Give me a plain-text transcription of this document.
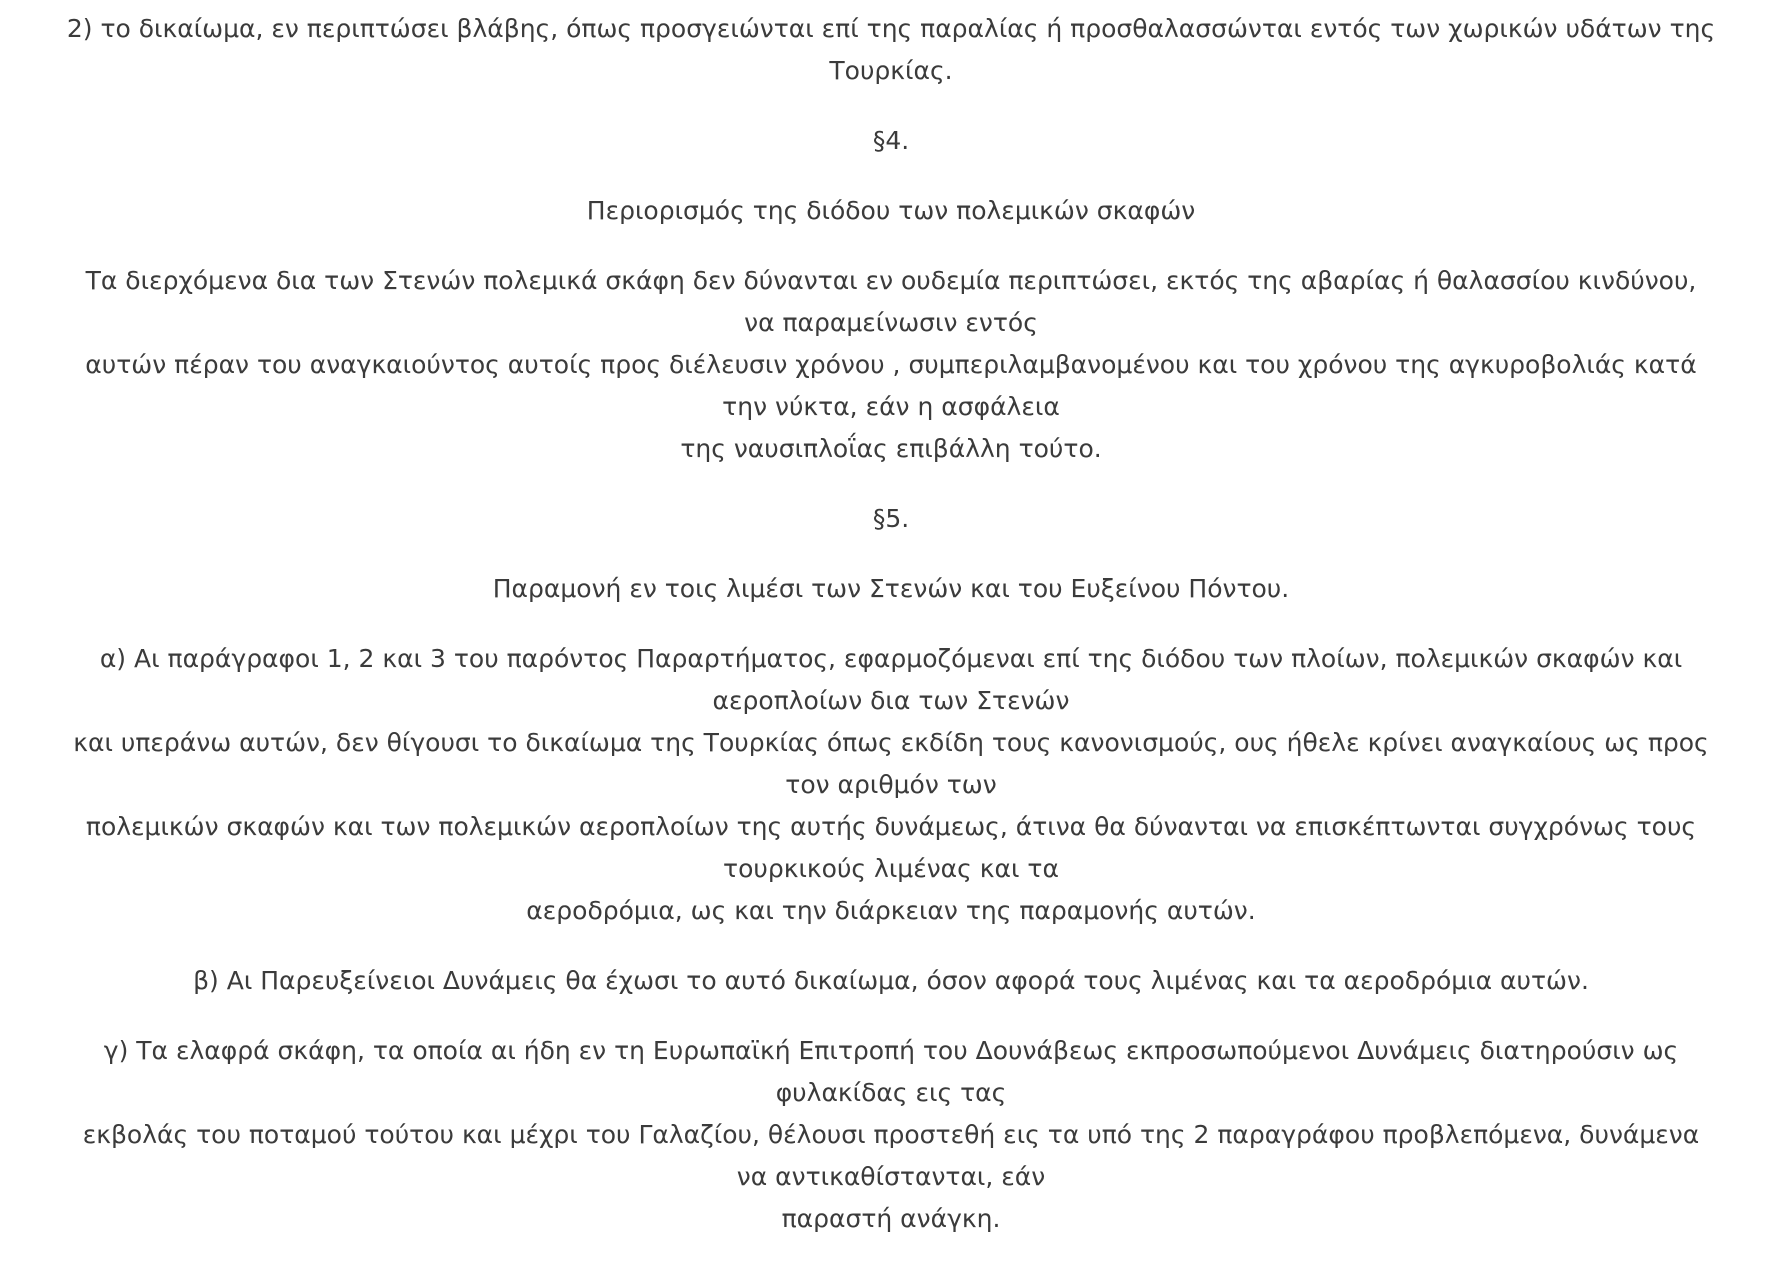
2) το δικαίωμα, εν περιπτώσει βλάβης, όπως προσγειώνται επί της παραλίας ή προσθαλασσώνται εντός των χωρικών υδάτων της
Τουρκίας.

§4.

Περιορισμός της διόδου των πολεμικών σκαφών

Τα διερχόμενα δια των Στενών πολεμικά σκάφη δεν δύνανται εν ουδεμία περιπτώσει, εκτός της αβαρίας ή θαλασσίου κινδύνου,
να παραμείνωσιν εντός
αυτών πέραν του αναγκαιούντος αυτοίς προς διέλευσιν χρόνου , συμπεριλαμβανομένου και του χρόνου της αγκυροβολιάς κατά
την νύκτα, εάν η ασφάλεια
της ναυσιπλοΐας επιβάλλη τούτο.

§5.

Παραμονή εν τοις λιμέσι των Στενών και του Ευξείνου Πόντου.

α) Αι παράγραφοι 1, 2 και 3 του παρόντος Παραρτήματος, εφαρμοζόμεναι επί της διόδου των πλοίων, πολεμικών σκαφών και
αεροπλοίων δια των Στενών
και υπεράνω αυτών, δεν θίγουσι το δικαίωμα της Τουρκίας όπως εκδίδη τους κανονισμούς, ους ήθελε κρίνει αναγκαίους ως προς
τον αριθμόν των
πολεμικών σκαφών και των πολεμικών αεροπλοίων της αυτής δυνάμεως, άτινα θα δύνανται να επισκέπτωνται συγχρόνως τους
τουρκικούς λιμένας και τα
αεροδρόμια, ως και την διάρκειαν της παραμονής αυτών.

β) Αι Παρευξείνειοι Δυνάμεις θα έχωσι το αυτό δικαίωμα, όσον αφορά τους λιμένας και τα αεροδρόμια αυτών.

γ) Τα ελαφρά σκάφη, τα οποία αι ήδη εν τη Ευρωπαϊκή Επιτροπή του Δουνάβεως εκπροσωπούμενοι Δυνάμεις διατηρούσιν ως
φυλακίδας εις τας
εκβολάς του ποταμού τούτου και μέχρι του Γαλαζίου, θέλουσι προστεθή εις τα υπό της 2 παραγράφου προβλεπόμενα, δυνάμενα
να αντικαθίστανται, εάν
παραστή ανάγκη.
